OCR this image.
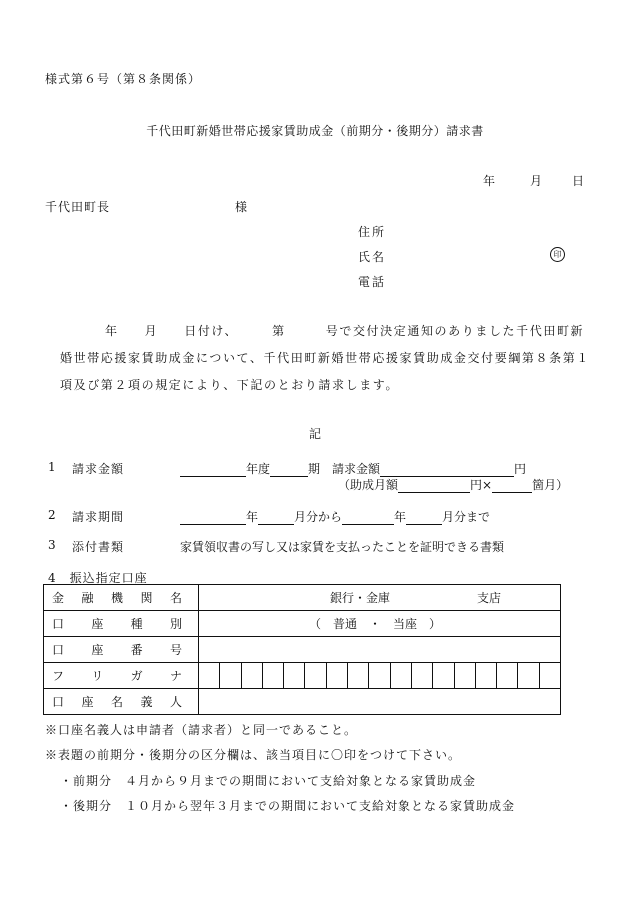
様式第６号（第８条関係）
千代田町新婚世帯応援家賃助成金（前期分・後期分）請求書
年	月 日
千代田町長	様
住所
氏名	印
電話
年 月 日付け、	第	号で交付決定通知のありました千代田町新婚世帯応援家賃助成金について、千代田町新婚世帯応援家賃助成金交付要綱第８条第１項及び第２項の規定により、下記のとおり請求します。
記
1 請求金額	年度	期 請求金額	円
（助成月額	円×	箇月）
2 請求期間	年	月分から	年	月分まで
3 添付書類	家賃領収書の写し又は家賃を支払ったことを証明できる書類
4　振込指定口座
金 融 機 関 名	銀行・金庫 支店

口 座 種 別	（　普通　・　当座　）

口 座 番 号	

フ リ ガ ナ	

口 座 名 義 人	

※口座名義人は申請者（請求者）と同一であること。
※表題の前期分・後期分の区分欄は、該当項目に〇印をつけて下さい。
・前期分　４月から９月までの期間において支給対象となる家賃助成金
・後期分　１０月から翌年３月までの期間において支給対象となる家賃助成金
